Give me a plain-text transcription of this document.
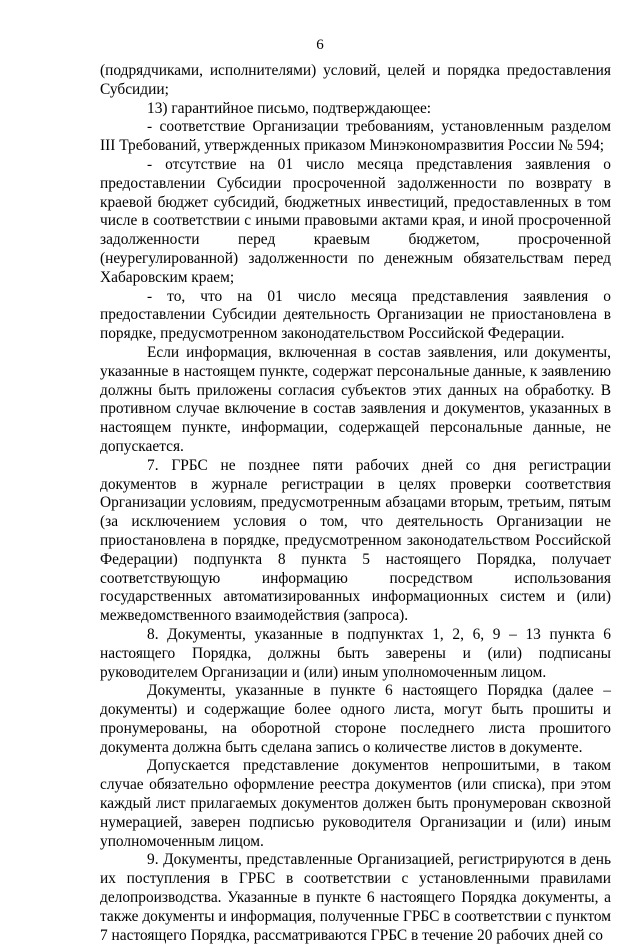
6

(подрядчиками, исполнителями) условий, целей и порядка предоставления Субсидии;

13) гарантийное письмо, подтверждающее:

- соответствие Организации требованиям, установленным разделом III Требований, утвержденных приказом Минэкономразвития России № 594;

- отсутствие на 01 число месяца представления заявления о предоставлении Субсидии просроченной задолженности по возврату в краевой бюджет субсидий, бюджетных инвестиций, предоставленных в том числе в соответствии с иными правовыми актами края, и иной просроченной задолженности перед краевым бюджетом, просроченной (неурегулированной) задолженности по денежным обязательствам перед Хабаровским краем;

- то, что на 01 число месяца представления заявления о предоставлении Субсидии деятельность Организации не приостановлена в порядке, предусмотренном законодательством Российской Федерации.

Если информация, включенная в состав заявления, или документы, указанные в настоящем пункте, содержат персональные данные, к заявлению должны быть приложены согласия субъектов этих данных на обработку. В противном случае включение в состав заявления и документов, указанных в настоящем пункте, информации, содержащей персональные данные, не допускается.

7. ГРБС не позднее пяти рабочих дней со дня регистрации документов в журнале регистрации в целях проверки соответствия Организации условиям, предусмотренным абзацами вторым, третьим, пятым (за исключением условия о том, что деятельность Организации не приостановлена в порядке, предусмотренном законодательством Российской Федерации) подпункта 8 пункта 5 настоящего Порядка, получает соответствующую информацию посредством использования государственных автоматизированных информационных систем и (или) межведомственного взаимодействия (запроса).

8. Документы, указанные в подпунктах 1, 2, 6, 9 – 13 пункта 6 настоящего Порядка, должны быть заверены и (или) подписаны руководителем Организации и (или) иным уполномоченным лицом.

Документы, указанные в пункте 6 настоящего Порядка (далее – документы) и содержащие более одного листа, могут быть прошиты и пронумерованы, на оборотной стороне последнего листа прошитого документа должна быть сделана запись о количестве листов в документе.

Допускается представление документов непрошитыми, в таком случае обязательно оформление реестра документов (или списка), при этом каждый лист прилагаемых документов должен быть пронумерован сквозной нумерацией, заверен подписью руководителя Организации и (или) иным уполномоченным лицом.

9. Документы, представленные Организацией, регистрируются в день их поступления в ГРБС в соответствии с установленными правилами делопроизводства. Указанные в пункте 6 настоящего Порядка документы, а также документы и информация, полученные ГРБС в соответствии с пунктом 7 настоящего Порядка, рассматриваются ГРБС в течение 20 рабочих дней со
